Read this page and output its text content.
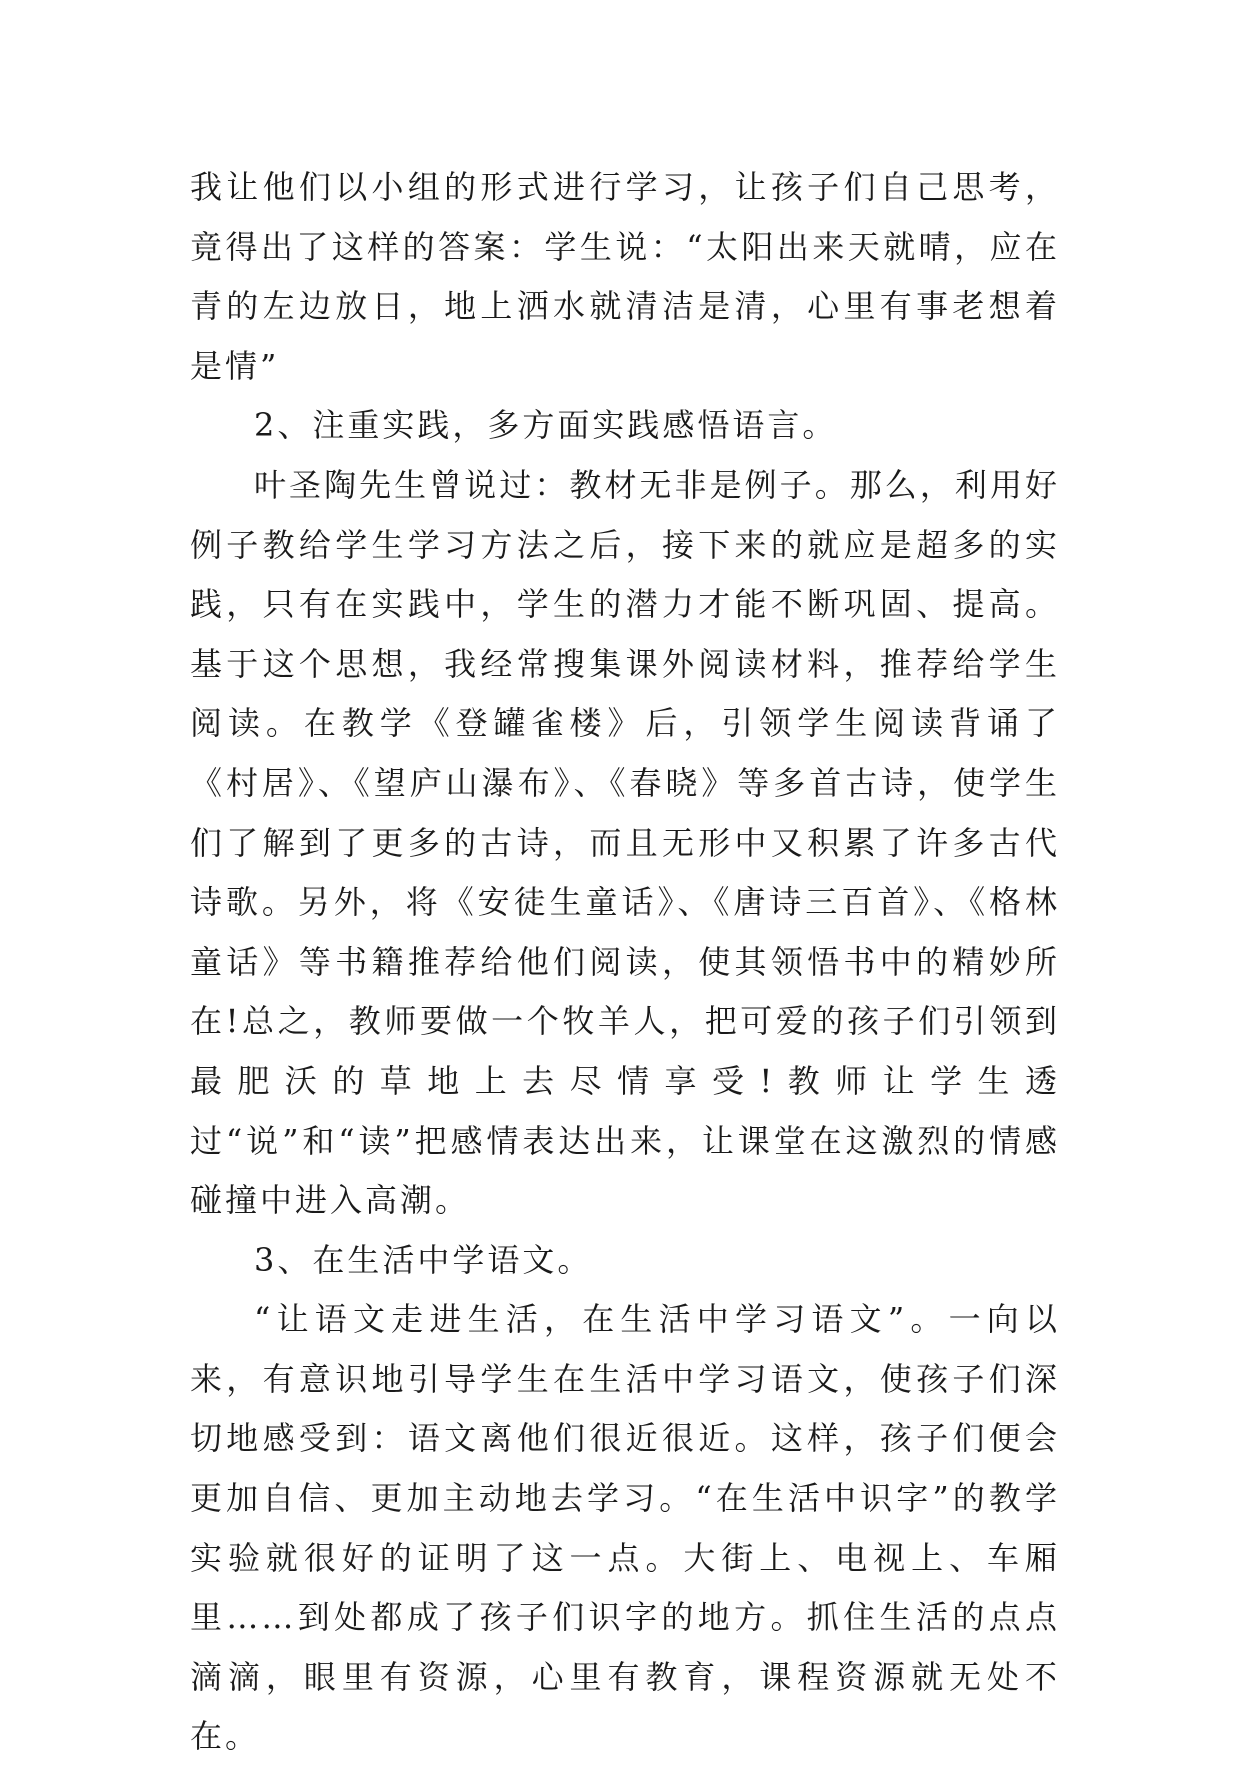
我让他们以小组的形式进行学习，让孩子们自己思考，竟得出了这样的答案：学生说：“太阳出来天就晴，应在青的左边放日，地上洒水就清洁是清，心里有事老想着是情”

2、注重实践，多方面实践感悟语言。

叶圣陶先生曾说过：教材无非是例子。那么，利用好例子教给学生学习方法之后，接下来的就应是超多的实践，只有在实践中，学生的潜力才能不断巩固、提高。基于这个思想，我经常搜集课外阅读材料，推荐给学生阅读。在教学《登罐雀楼》后，引领学生阅读背诵了《村居》、《望庐山瀑布》、《春晓》等多首古诗，使学生们了解到了更多的古诗，而且无形中又积累了许多古代诗歌。另外，将《安徒生童话》、《唐诗三百首》、《格林童话》等书籍推荐给他们阅读，使其领悟书中的精妙所在!总之，教师要做一个牧羊人，把可爱的孩子们引领到最肥沃的草地上去尽情享受!教师让学生透过“说”和“读”把感情表达出来，让课堂在这激烈的情感碰撞中进入高潮。

3、在生活中学语文。

“让语文走进生活，在生活中学习语文”。一向以来，有意识地引导学生在生活中学习语文，使孩子们深切地感受到：语文离他们很近很近。这样，孩子们便会更加自信、更加主动地去学习。“在生活中识字”的教学实验就很好的证明了这一点。大街上、电视上、车厢里……到处都成了孩子们识字的地方。抓住生活的点点滴滴，眼里有资源，心里有教育，课程资源就无处不在。
